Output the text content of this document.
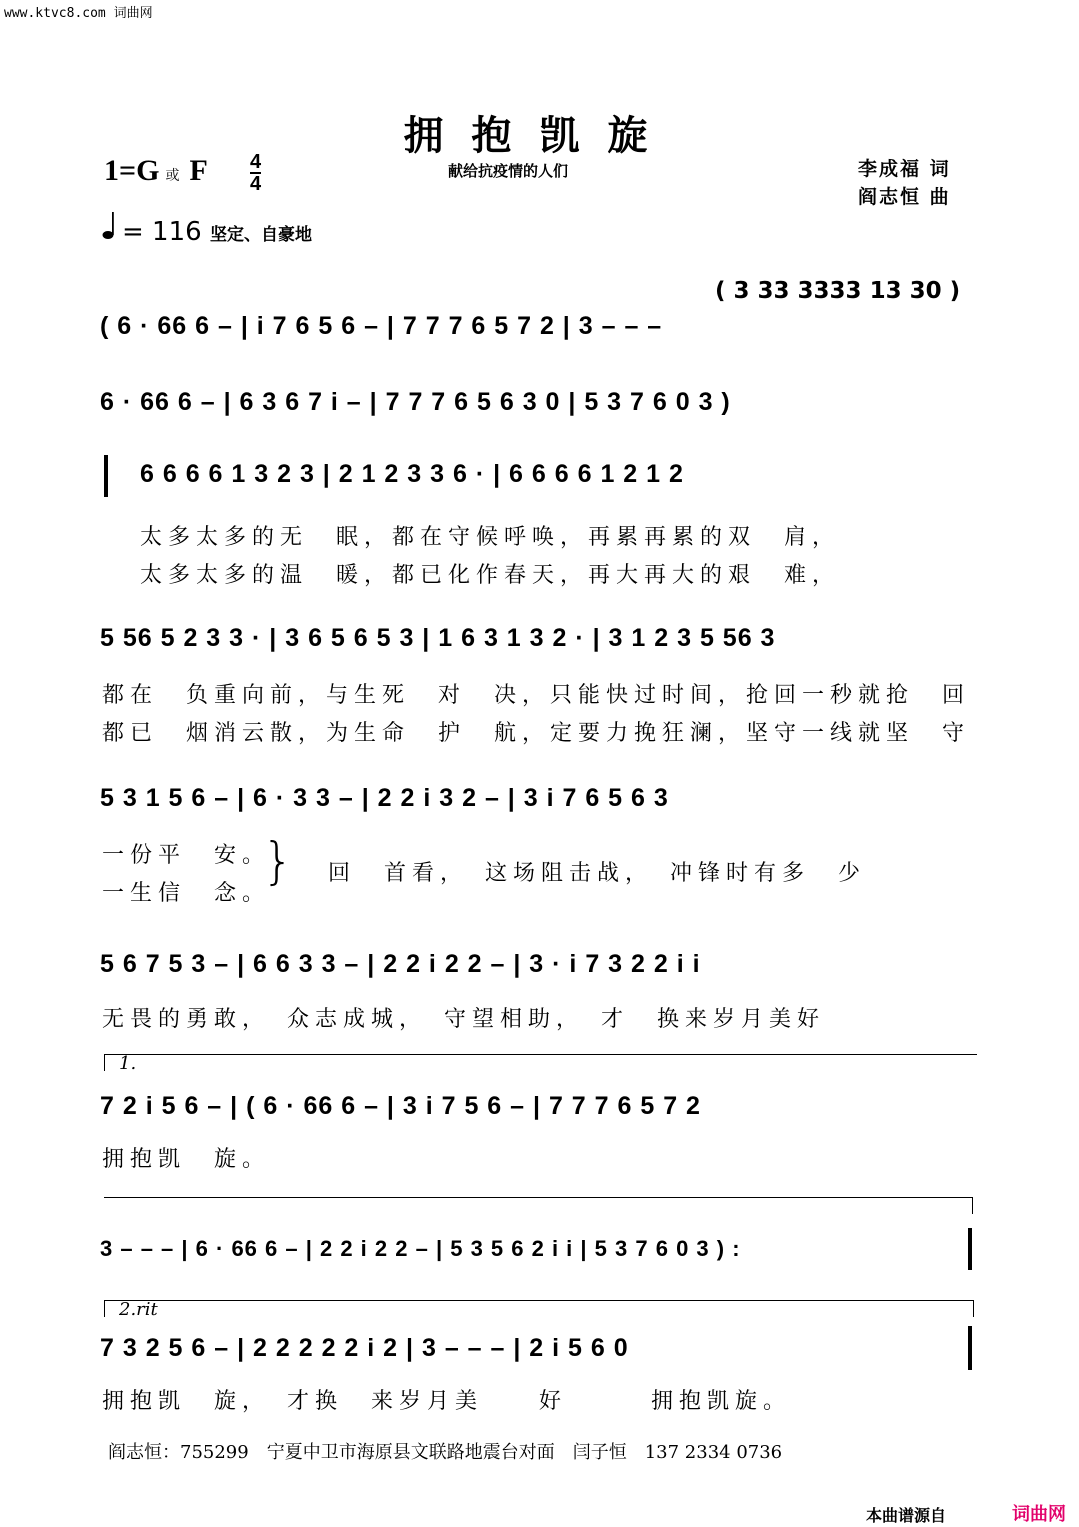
www.ktvc8.com 词曲网
拥抱凯旋
献给抗疫情的人们
1=G 或 F 4
4
李成福 词
阎志恒 曲
= 116 坚定、自豪地
( 3 33 3333 13 30 )
( 6 · 66 6 – | i 7 6 5 6 – | 7 7 7 6 5 7 2 | 3 – – –
6 · 66 6 – | 6 3 6 7 i – | 7 7 7 6 5 6 3 0 | 5 3 7 6 0 3 )
6 6 6 6 1 3 2 3 | 2 1 2 3 3 6 · | 6 6 6 6 1 2 1 2
太多太多的无　眠，都在守候呼唤，再累再累的双　肩，
太多太多的温　暖，都已化作春天，再大再大的艰　难，
5 56 5 2 3 3 · | 3 6 5 6 5 3 | 1 6 3 1 3 2 · | 3 1 2 3 5 56 3
都在　负重向前，与生死　对　决，只能快过时间，抢回一秒就抢　回
都已　烟消云散，为生命　护　航，定要力挽狂澜，坚守一线就坚　守
5 3 1 5 6 – | 6 · 3 3 – | 2 2 i 3 2 – | 3 i 7 6 5 6 3
一份平　安。
一生信　念。
} 回　首看，　这场阻击战，　冲锋时有多　少
5 6 7 5 3 – | 6 6 3 3 – | 2 2 i 2 2 – | 3 · i 7 3 2 2 i i
无畏的勇敢，　众志成城，　守望相助，　才　换来岁月美好
1.
7 2 i 5 6 – | ( 6 · 66 6 – | 3 i 7 5 6 – | 7 7 7 6 5 7 2
拥抱凯　旋。
3 – – – | 6 · 66 6 – | 2 2 i 2 2 – | 5 3 5 6 2 i i | 5 3 7 6 0 3 ) :
2.rit
7 3 2 5 6 – | 2 2 2 2 2 i 2 | 3 – – – | 2 i 5 6 0
拥抱凯　旋，　才换　来岁月美　　好　　　拥抱凯旋。
阎志恒：755299　宁夏中卫市海原县文联路地震台对面　闫子恒　137 2334 0736
本曲谱源自	词曲网
